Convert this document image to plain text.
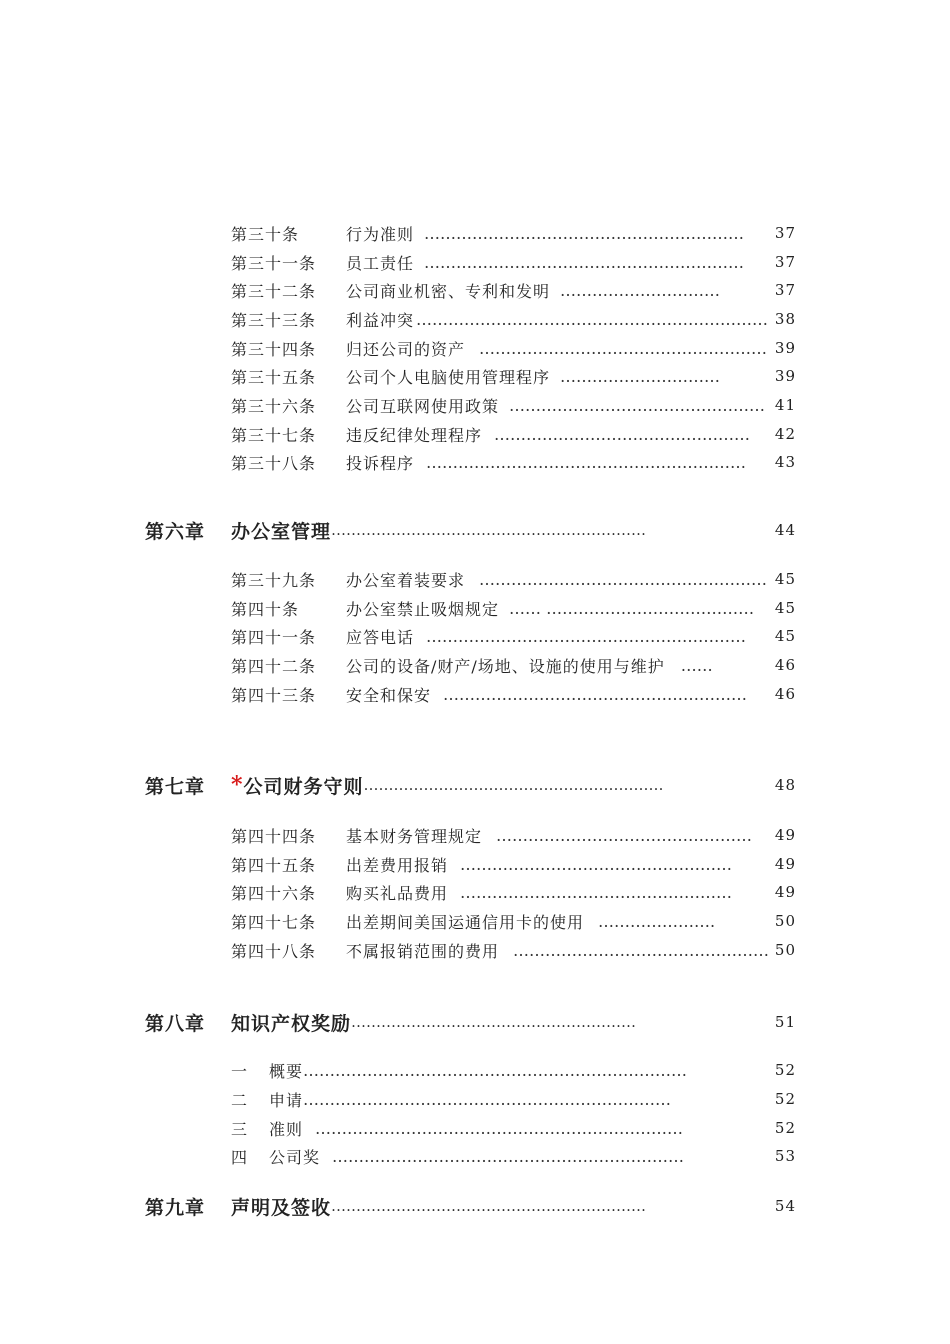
第三十条	行为准则 …………………………………………………… 37
第三十一条	员工责任 …………………………………………………… 37
第三十二条	公司商业机密、专利和发明 …………………………	37
第三十三条	利益冲突 ………………………………………………………… 38
第三十四条	归还公司的资产 ……………………………………………… 39
第三十五条	公司个人电脑使用管理程序 …………………………	39
第三十六条	公司互联网使用政策 ………………………………………… 41
第三十七条	违反纪律处理程序 ………………………………………… 42
第三十八条	投诉程序 …………………………………………………… 43
第六章	办公室管理 ………………………………………………………	44
第三十九条	办公室着装要求 ……………………………………………… 45
第四十条	办公室禁止吸烟规定 …… ………………………………… 45
第四十一条	应答电话 …………………………………………………… 45
第四十二条	公司的设备/财产/场地、设施的使用与维护 ……	46
第四十三条	安全和保安 ………………………………………………… 46
第七章	* 公司财务守则 ……………………………………………………	48
第四十四条	基本财务管理规定 ………………………………………… 49
第四十五条	出差费用报销 ……………………………………………	49
第四十六条	购买礼品费用 ……………………………………………	49
第四十七条	出差期间美国运通信用卡的使用 ………………….	50
第四十八条	不属报销范围的费用 ………………………………………… 50
第八章	知识产权奖励 …………………………………………………	51
一	概要 ………………………………………………………………	52
二	申请 ……………………………………………………………	52
三	准则 ……………………………………………………………	52
四	公司奖 …………………………………………………………	53
第九章	声明及签收 ………………………………………………………	54
